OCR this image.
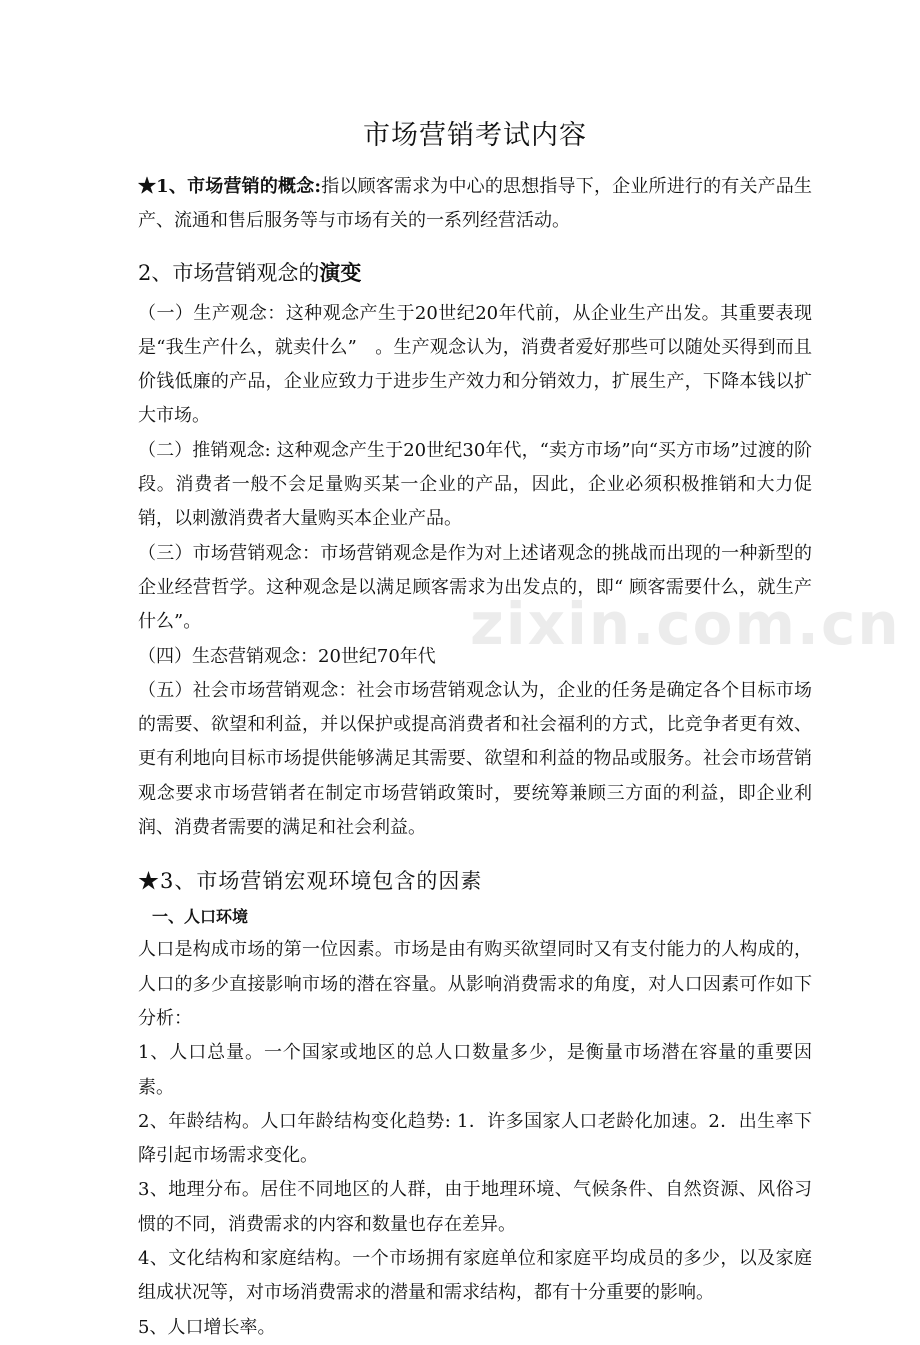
zixin.com.cn
市场营销考试内容

★1、市场营销的概念:指以顾客需求为中心的思想指导下，企业所进行的有关产品生产、流通和售后服务等与市场有关的一系列经营活动。

2、市场营销观念的演变

（一）生产观念：这种观念产生于20世纪20年代前，从企业生产出发。其重要表现是“我生产什么，就卖什么”　。生产观念认为，消费者爱好那些可以随处买得到而且价钱低廉的产品，企业应致力于进步生产效力和分销效力，扩展生产，下降本钱以扩大市场。

（二）推销观念: 这种观念产生于20世纪30年代，“卖方市场”向“买方市场”过渡的阶段。消费者一般不会足量购买某一企业的产品，因此，企业必须积极推销和大力促销，以刺激消费者大量购买本企业产品。

（三）市场营销观念：市场营销观念是作为对上述诸观念的挑战而出现的一种新型的企业经营哲学。这种观念是以满足顾客需求为出发点的，即“ 顾客需要什么，就生产什么”。

（四）生态营销观念：20世纪70年代

（五）社会市场营销观念：社会市场营销观念认为，企业的任务是确定各个目标市场的需要、欲望和利益，并以保护或提高消费者和社会福利的方式，比竞争者更有效、更有利地向目标市场提供能够满足其需要、欲望和利益的物品或服务。社会市场营销观念要求市场营销者在制定市场营销政策时，要统筹兼顾三方面的利益，即企业利润、消费者需要的满足和社会利益。

★3、市场营销宏观环境包含的因素
一、人口环境

人口是构成市场的第一位因素。市场是由有购买欲望同时又有支付能力的人构成的，人口的多少直接影响市场的潜在容量。从影响消费需求的角度，对人口因素可作如下分析：

1、人口总量。一个国家或地区的总人口数量多少，是衡量市场潜在容量的重要因素。

2、年龄结构。人口年龄结构变化趋势: 1．许多国家人口老龄化加速。2．出生率下降引起市场需求变化。

3、地理分布。居住不同地区的人群，由于地理环境、气候条件、自然资源、风俗习惯的不同，消费需求的内容和数量也存在差异。

4、文化结构和家庭结构。一个市场拥有家庭单位和家庭平均成员的多少，以及家庭组成状况等，对市场消费需求的潜量和需求结构，都有十分重要的影响。

5、人口增长率。
